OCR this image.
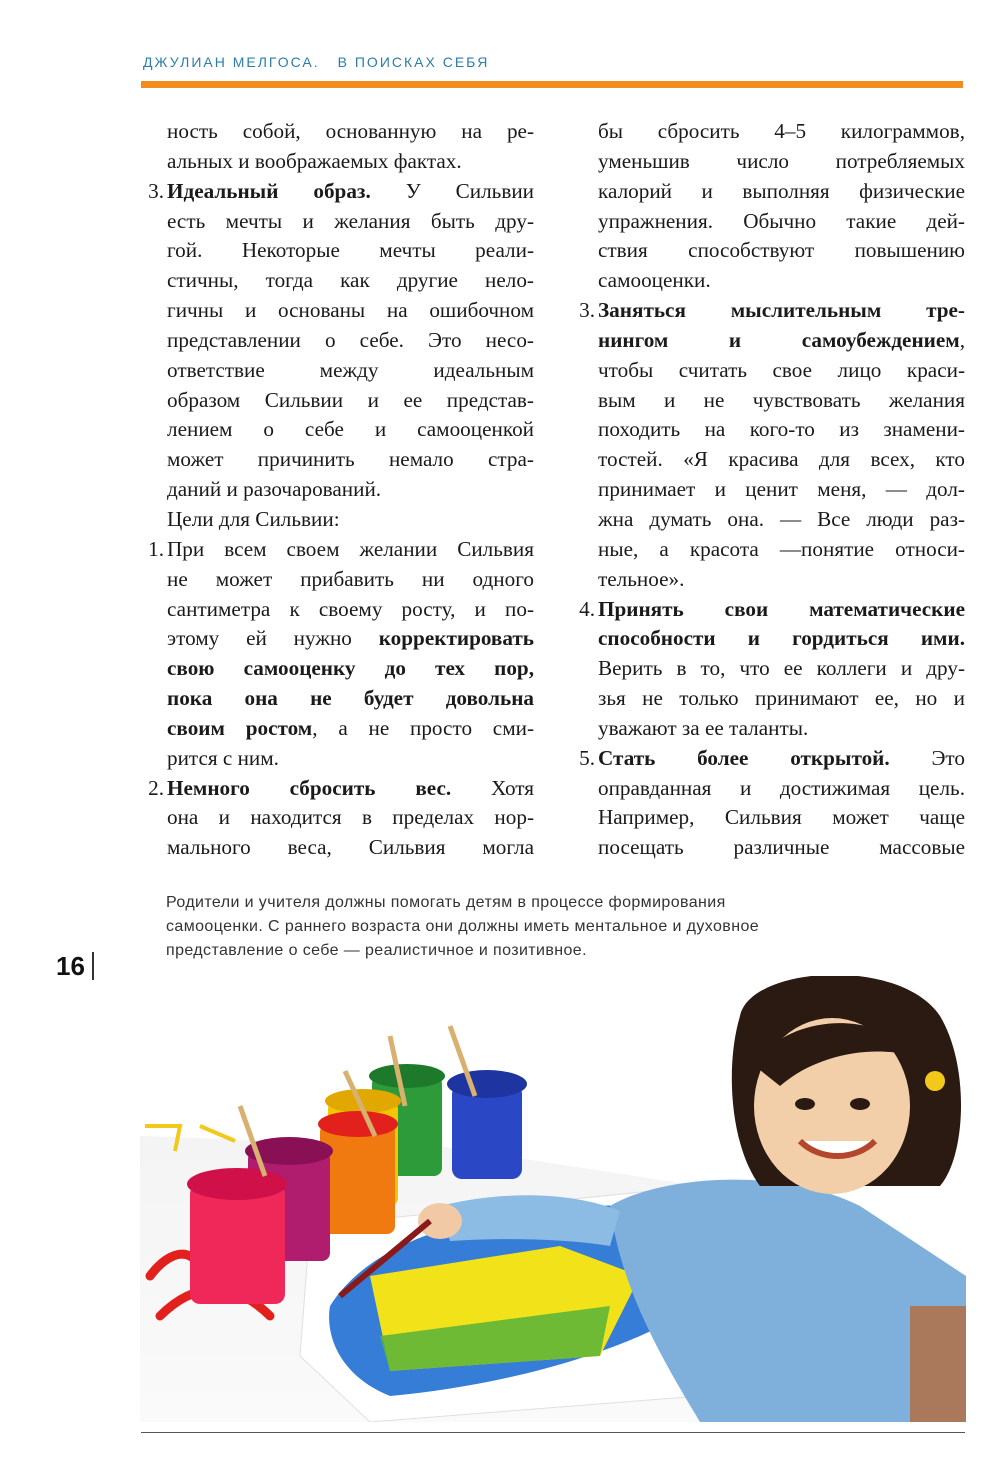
ДЖУЛИАН МЕЛГОСА. В ПОИСКАХ СЕБЯ
ность собой, основанную на ре-
альных и воображаемых фактах.
3. Идеальный образ. У Сильвии
есть мечты и желания быть дру-
гой. Некоторые мечты реали-
стичны, тогда как другие нело-
гичны и основаны на ошибочном
представлении о себе. Это несо-
ответствие между идеальным
образом Сильвии и ее представ-
лением о себе и самооценкой
может причинить немало стра-
даний и разочарований.
Цели для Сильвии:
1. При всем своем желании Сильвия
не может прибавить ни одного
сантиметра к своему росту, и по-
этому ей нужно корректировать
свою самооценку до тех пор,
пока она не будет довольна
своим ростом, а не просто сми-
рится с ним.
2. Немного сбросить вес. Хотя
она и находится в пределах нор-
мального веса, Сильвия могла
бы сбросить 4–5 килограммов,
уменьшив число потребляемых
калорий и выполняя физические
упражнения. Обычно такие дей-
ствия способствуют повышению
самооценки.
3. Заняться мыслительным тре-
нингом и самоубеждением,
чтобы считать свое лицо краси-
вым и не чувствовать желания
походить на кого-то из знамени-
тостей. «Я красива для всех, кто
принимает и ценит меня, — дол-
жна думать она. — Все люди раз-
ные, а красота —понятие относи-
тельное».
4. Принять свои математические
способности и гордиться ими.
Верить в то, что ее коллеги и дру-
зья не только принимают ее, но и
уважают за ее таланты.
5. Стать более открытой. Это
оправданная и достижимая цель.
Например, Сильвия может чаще
посещать различные массовые
Родители и учителя должны помогать детям в процессе формирования
самооценки. С раннего возраста они должны иметь ментальное и духовное
представление о себе — реалистичное и позитивное.
16
